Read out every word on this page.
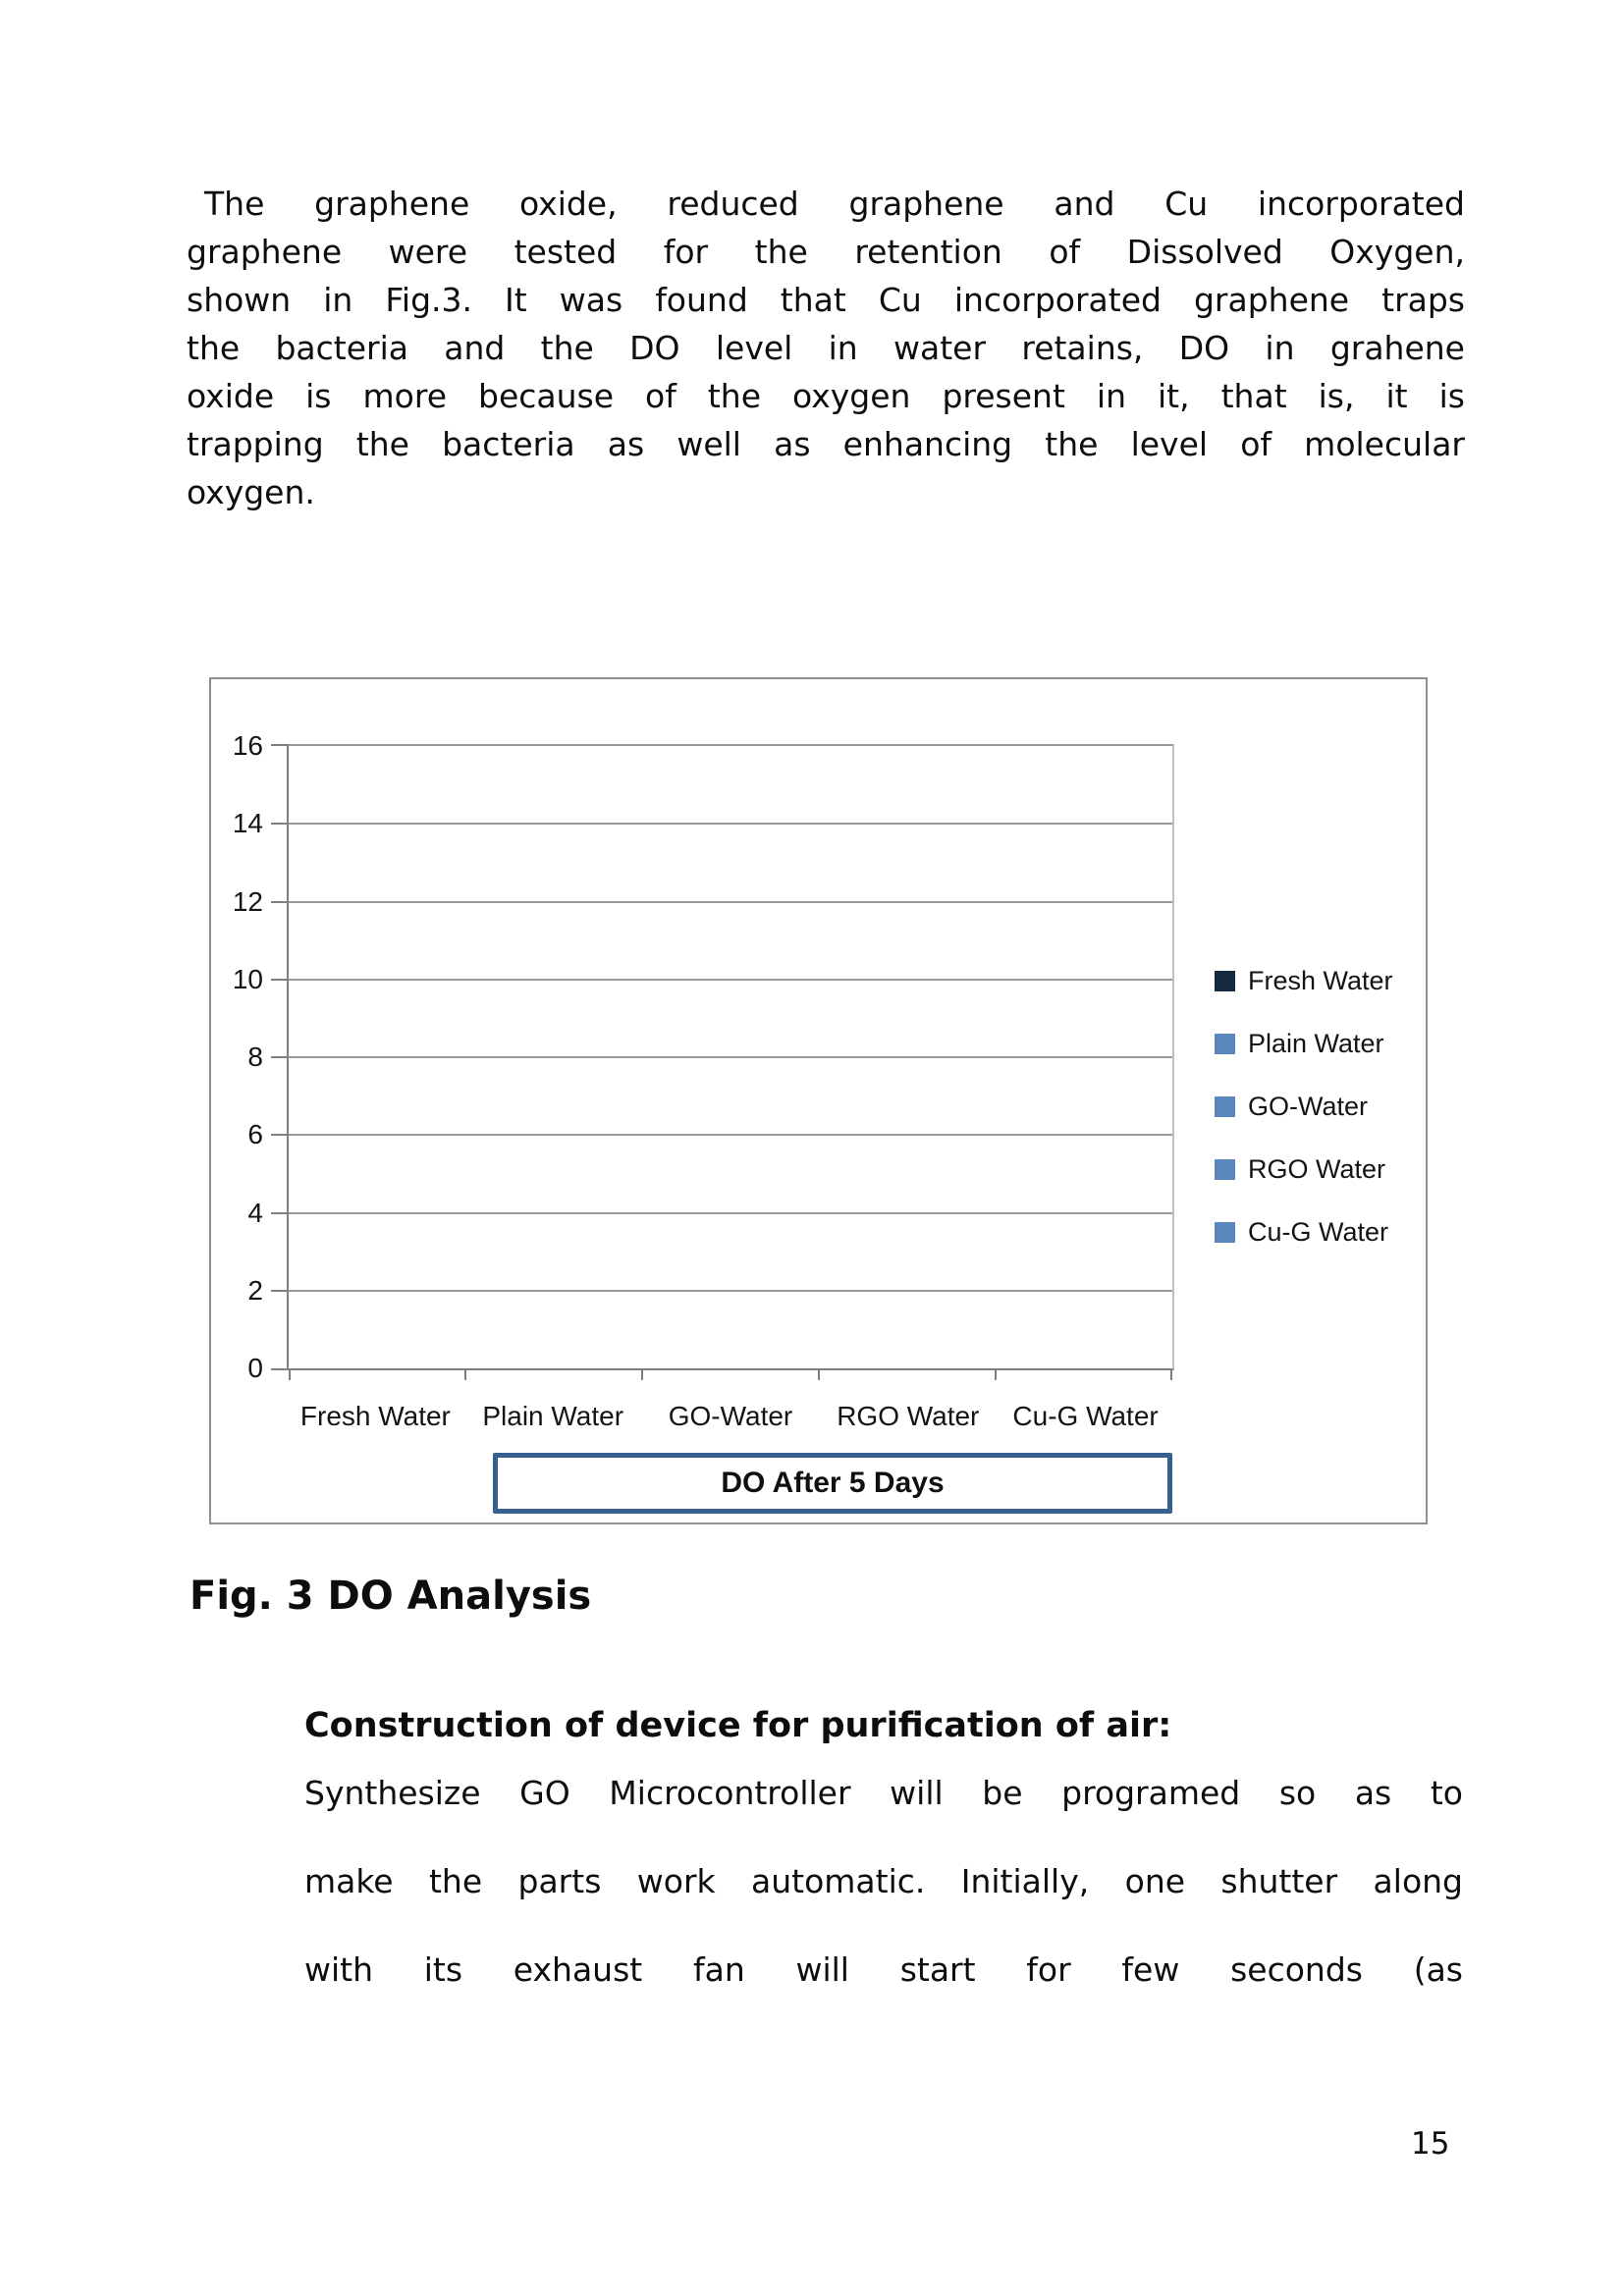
The graphene oxide, reduced graphene and Cu incorporated
graphene were tested for the retention of Dissolved Oxygen,
shown in Fig.3. It was found that Cu incorporated graphene traps
the bacteria and the DO level in water retains, DO in grahene
oxide is more because of the oxygen present in it, that is, it is
trapping the bacteria as well as enhancing the level of molecular
oxygen.
16
14
12
10
8
6
4
2
0
Fresh Water	Plain Water	GO-Water	RGO Water	Cu-G Water
DO After 5 Days
Fresh Water
Plain Water
GO-Water
RGO Water
Cu-G Water
Fig. 3 DO Analysis
Construction of device for purification of air:
Synthesize GO Microcontroller will be programed so as to
make the parts work automatic. Initially, one shutter along
with its exhaust fan will start for few seconds (as
15
